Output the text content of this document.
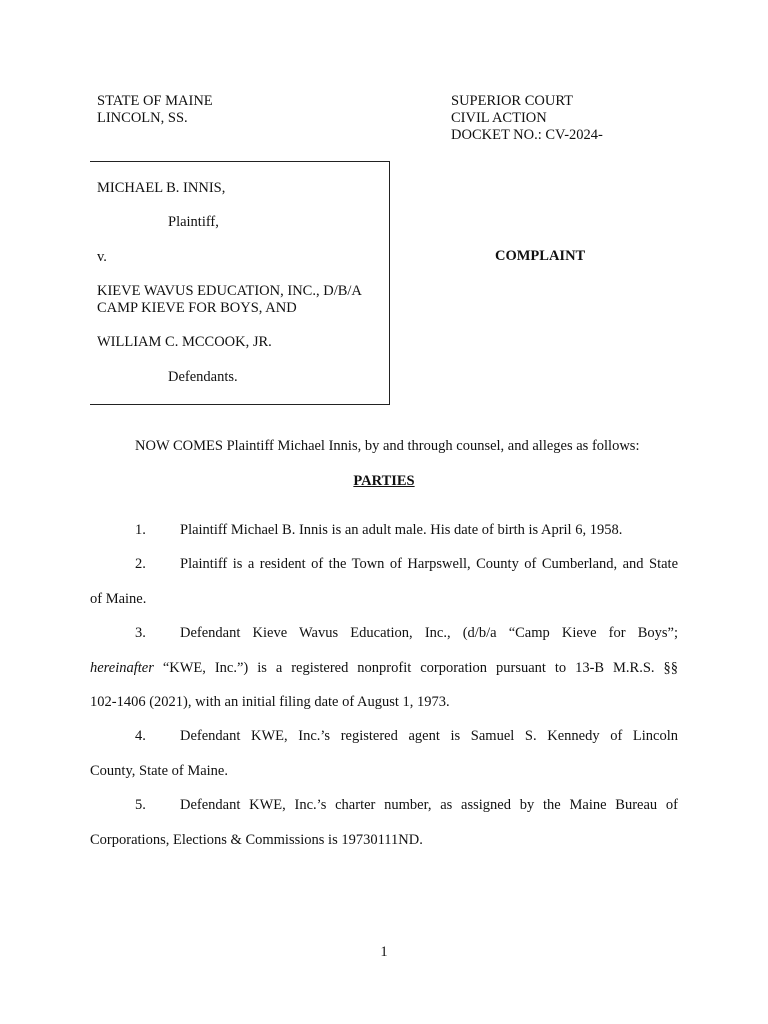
STATE OF MAINE

LINCOLN, SS.

SUPERIOR COURT

CIVIL ACTION

DOCKET NO.: CV-2024-

MICHAEL B. INNIS,

Plaintiff,

v.

KIEVE WAVUS EDUCATION, INC., D/B/A

CAMP KIEVE FOR BOYS, AND

WILLIAM C. MCCOOK, JR.

Defendants.

COMPLAINT

NOW COMES Plaintiff Michael Innis, by and through counsel, and alleges as follows:

PARTIES

1. Plaintiff Michael B. Innis is an adult male. His date of birth is April 6, 1958.

2. Plaintiff is a resident of the Town of Harpswell, County of Cumberland, and State

of Maine.

3. Defendant Kieve Wavus Education, Inc., (d/b/a “Camp Kieve for Boys”;

hereinafter “KWE, Inc.”) is a registered nonprofit corporation pursuant to 13-B M.R.S. §§

102-1406 (2021), with an initial filing date of August 1, 1973.

4. Defendant KWE, Inc.’s registered agent is Samuel S. Kennedy of Lincoln

County, State of Maine.

5. Defendant KWE, Inc.’s charter number, as assigned by the Maine Bureau of

Corporations, Elections & Commissions is 19730111ND.

1
